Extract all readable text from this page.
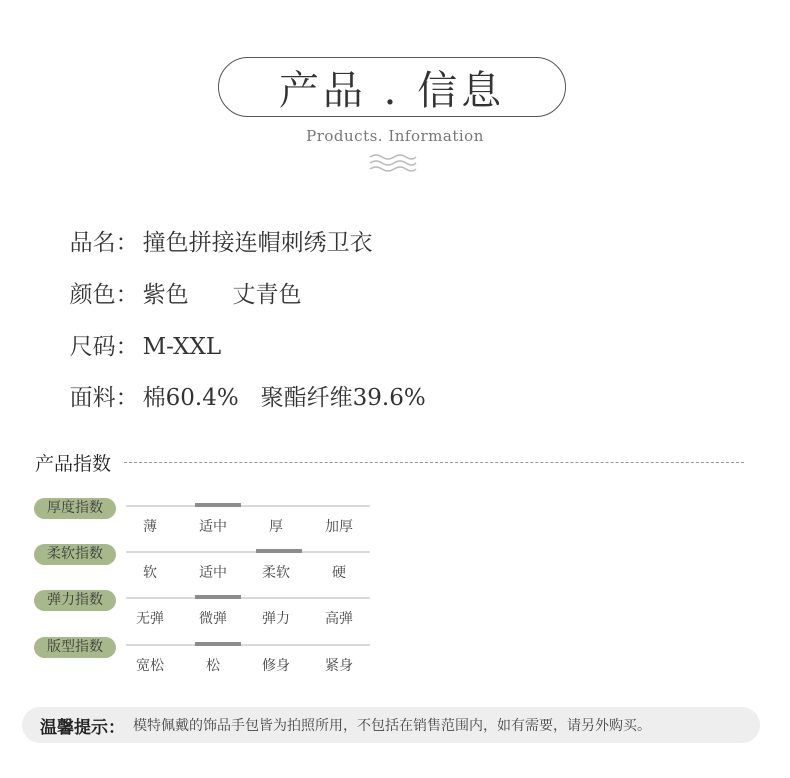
产品 . 信息
Products. Information

品名： 撞色拼接连帽刺绣卫衣

颜色： 紫色      丈青色

尺码： M-XXL

面料： 棉60.4%   聚酯纤维39.6%

产品指数
厚度指数
薄	适中	厚	加厚
柔软指数
软	适中	柔软	硬
弹力指数
无弹	微弹	弹力	高弹
版型指数
宽松	松	修身	紧身
温馨提示： 模特佩戴的饰品手包皆为拍照所用，不包括在销售范围内，如有需要，请另外购买。
